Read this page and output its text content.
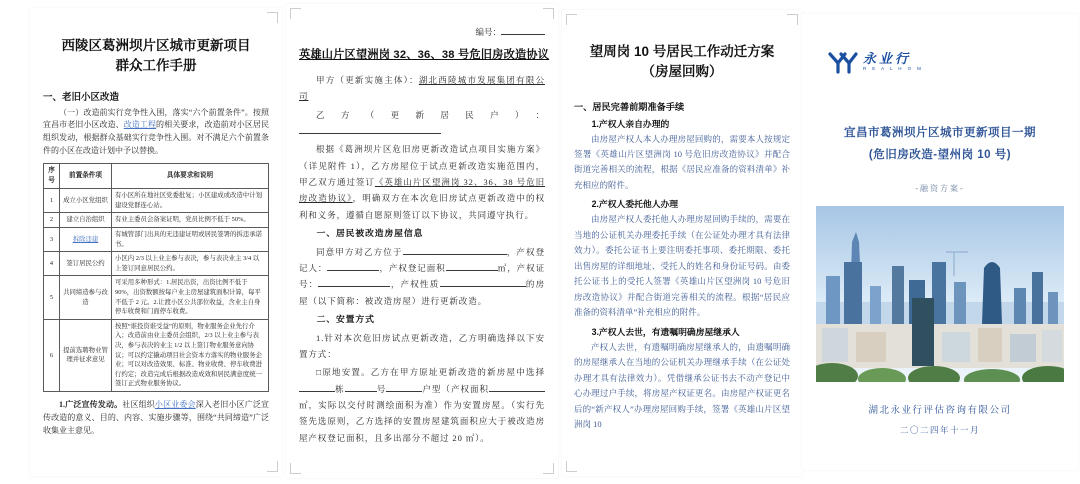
西陵区葛洲坝片区城市更新项目
群众工作手册
一、老旧小区改造
（一）改造前实行竞争性入围，落实“六个前置条件”。按照宜昌市老旧小区改造、改造工程的相关要求，改造前对小区居民组织发动，根据群众基础实行竞争性入围。对不满足六个前置条件的小区在改造计划中予以替换。
序号	前置条件项	具体要求和说明
1	成立小区党组织	有小区所在地社区党委批复；小区建成或改造中计划建设党群连心站。
2	建立自治组织	有业主委员会备案证明，党员比例不低于 50%。
3	拆除违建	有城管部门出具的无违建证明或居民签署的拆违承诺书。
4	签订居民公约	小区内 2/3 以上业主参与表决，参与表决业主 3/4 以上签订同意居民公约。
5	共同缔造参与改造	可采用多种形式：1.居民出资，出资比例不低于 90%，出资数额按每户业主房屋建筑面积计算，每平不低于 2 元。2.让渡小区公共部位收益，含业主自身停车收费和门面停车收费。
6	提前选聘物业管理并征求意见	按照“谁投资谁受益”的原则，物业服务企业先行介入；改造前由业主委员会组织，2/3 以上业主参与表决，参与表决的业主 1/2 以上签订物业服务意向协议；可以约定撬动项目社会资本方落实的物业服务企业；可以对改造效果、标准、物业收费、停车收费进行约定；改造完成后根据改造成效和居民满意度统一签订正式物业服务协议。
1.广泛宣传发动。社区组织小区业委会深入老旧小区广泛宣传改造的意义、目的、内容、实施步骤等，围绕“共同缔造”广泛收集业主意见。
编号：
英雄山片区望洲岗 32、36、38 号危旧房改造协议

甲方（更新实施主体）：湖北西陵城市发展集团有限公司

乙方（更新居民户）：

根据《葛洲坝片区危旧房更新改造试点项目实施方案》（详见附件 1），乙方房屋位于试点更新改造实施范围内，甲乙双方通过签订《英雄山片区望洲岗 32、36、38 号危旧房改造协议》，明确双方在本次危旧房试点更新改造中的权利和义务，遵循自愿原则签订以下协议，共同遵守执行。

一、居民被改造房屋信息

同意甲方对乙方位于	，产权登记人：	，产权登记面积	㎡，产权证号：	，产权性质	的房屋（以下简称：被改造房屋）进行更新改造。

二、安置方式

1.针对本次危旧房试点更新改造，乙方明确选择以下安置方式：

□原地安置。乙方在甲方原址更新改造的新房屋中选择栋	号	户型（产权面积㎡，实际以交付时测绘面积为准）作为安置房屋。（实行先签先选原则，乙方选择的安置房屋建筑面积应大于被改造房屋产权登记面积，且多出部分不超过 20 ㎡）。

望周岗 10 号居民工作动迁方案
（房屋回购）
一、居民完善前期准备手续
1.产权人亲自办理的
由房屋产权人本人办理房屋回购的，需要本人按规定签署《英雄山片区望洲岗 10 号危旧房改造协议》并配合街道完善相关的流程，根据《居民应准备的资料清单》补充相应的附件。
2.产权人委托他人办理
由房屋产权人委托他人办理房屋回购手续的，需要在当地的公证机关办理委托手续（在公证处办理才具有法律效力）。委托公证书上要注明委托事项、委托期限、委托出售房屋的详细地址、受托人的姓名和身份证号码。由委托公证书上的受托人签署《英雄山片区望洲岗 10 号危旧房改造协议》并配合街道完善相关的流程。根据“居民应准备的资料清单”补充相应的附件。
3.产权人去世，有遗嘱明确房屋继承人
产权人去世，有遗嘱明确房屋继承人的，由遗嘱明确的房屋继承人在当地的公证机关办理继承手续（在公证处办理才具有法律效力）。凭借继承公证书去不动产登记中心办理过户手续，将房屋产权证更名。由房屋产权证更名后的“新产权人”办理房屋回购手续，签署《英雄山片区望洲岗 10
永业行
R E A L H O M
宜昌市葛洲坝片区城市更新项目一期
(危旧房改造-望州岗 10 号)
-融资方案-
湖北永业行评估咨询有限公司
二〇二四年十一月
